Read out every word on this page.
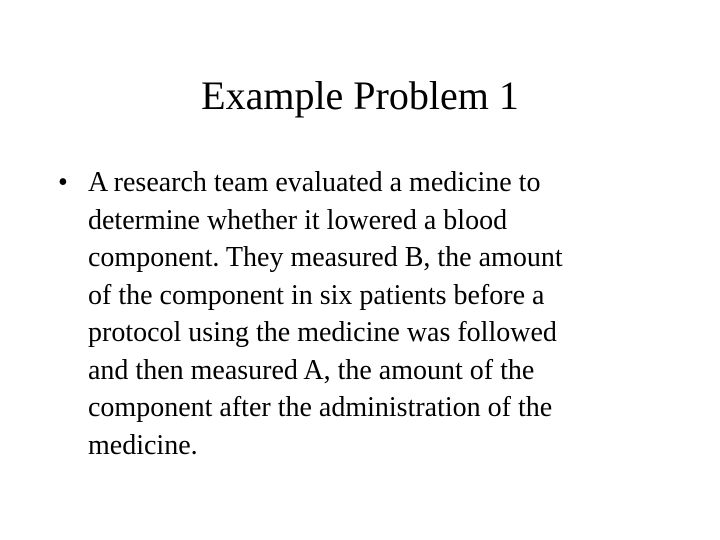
Example Problem 1
• A research team evaluated a medicine to
determine whether it lowered a blood
component. They measured B, the amount
of the component in six patients before a
protocol using the medicine was followed
and then measured A, the amount of the
component after the administration of the
medicine.
